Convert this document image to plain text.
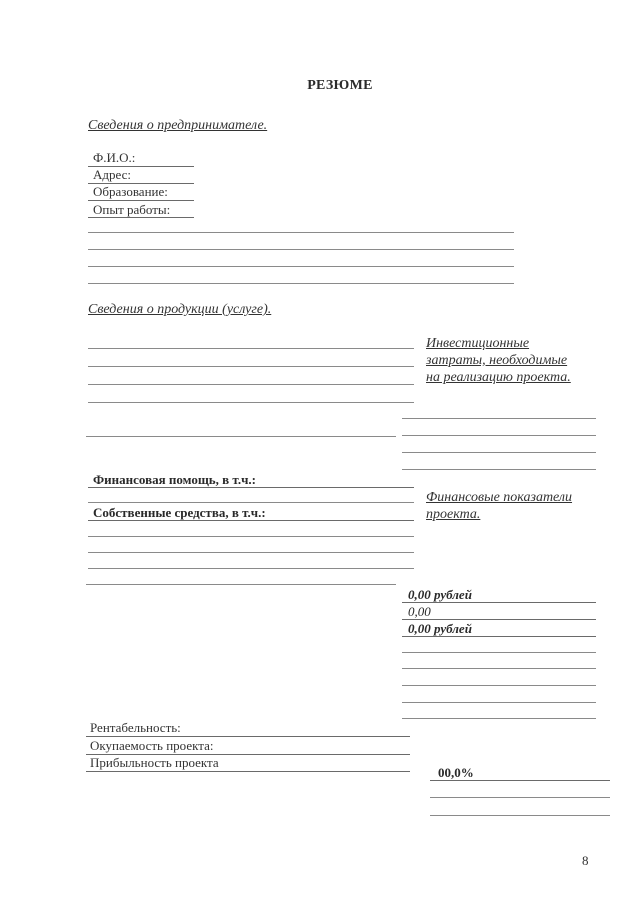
РЕЗЮМЕ
Сведения о предпринимателе.
Ф.И.О.:
Адрес:
Образование:
Опыт работы:
Сведения о продукции (услуге).
Инвестиционные
затраты, необходимые
на реализацию проекта.
Финансовая помощь, в т.ч.:
Собственные средства, в т.ч.:
Финансовые показатели
проекта.
0,00 рублей
0,00
0,00 рублей
Рентабельность:
Окупаемость проекта:
Прибыльность проекта
00,0%
8
